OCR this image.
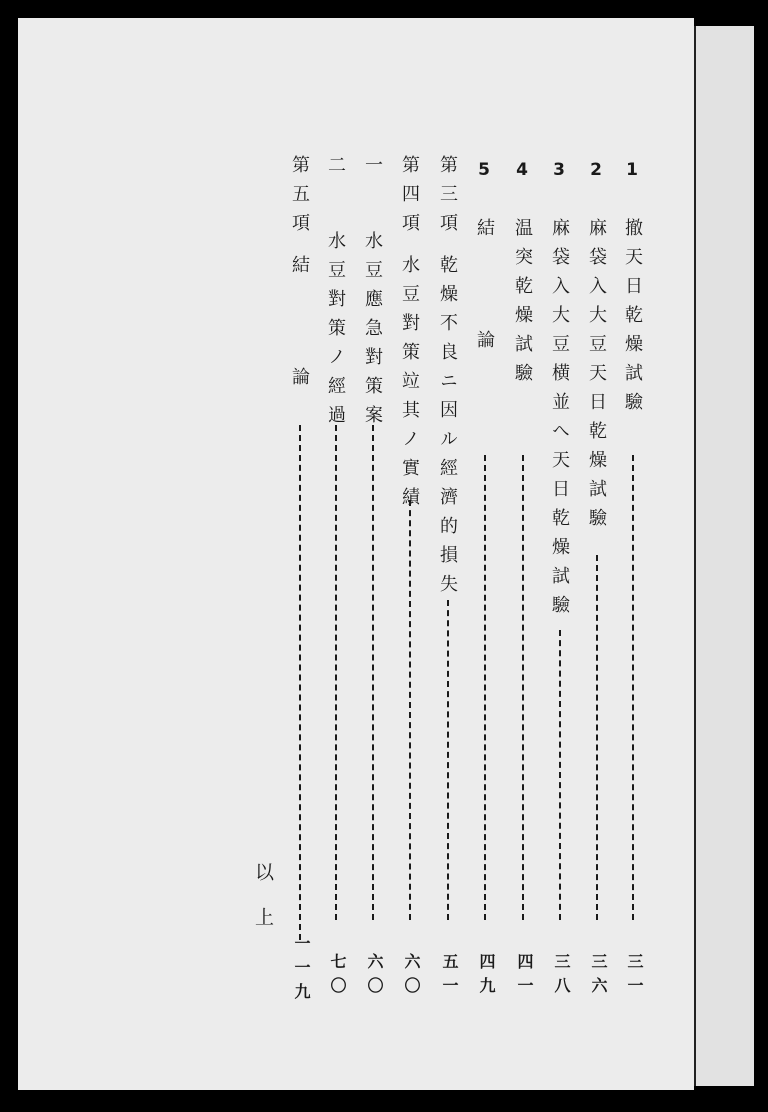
1
撤天日乾燥試驗
三一
2
麻袋入大豆天日乾燥試驗
三六
3
麻袋入大豆横並へ天日乾燥試驗
三八
4
温突乾燥試驗
四一
5
結論
四九
第三項
乾燥不良ニ因ル經濟的損失
五一
第四項
水豆對策竝其ノ實績
六〇
一
水豆應急對策案
六〇
二
水豆對策ノ經過
七〇
第五項
結論
一一九
以上
